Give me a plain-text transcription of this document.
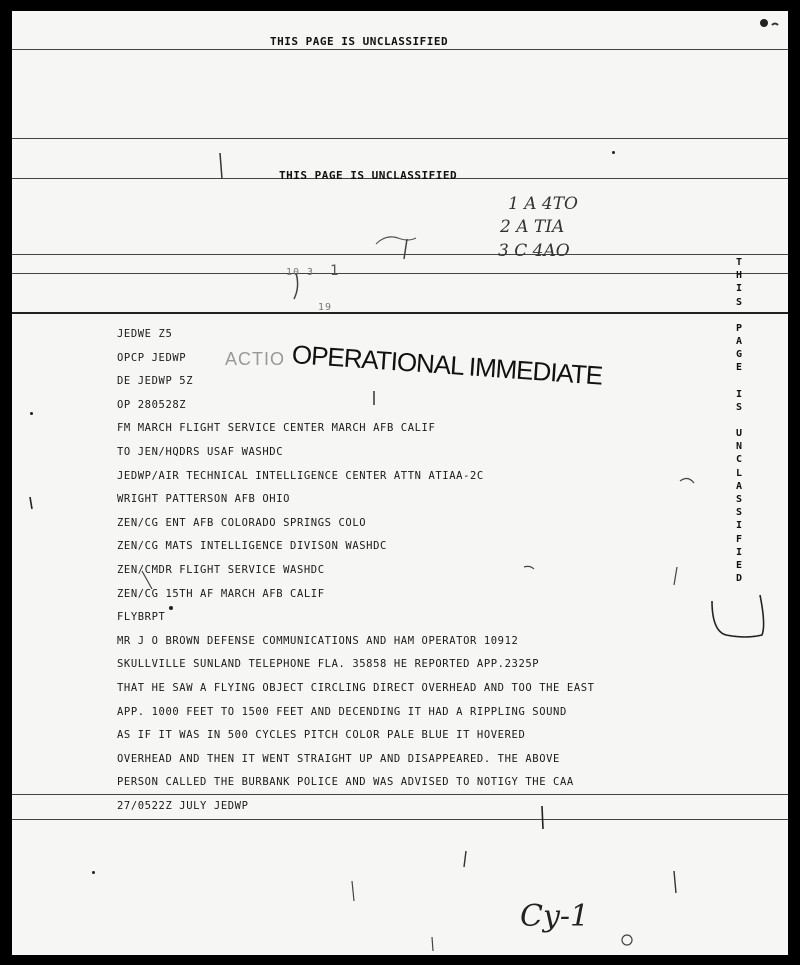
THIS PAGE IS UNCLASSIFIED
THIS PAGE IS UNCLASSIFIED
1 A 4TO
2 A TIA
3 C 4AO
10 3 1
19
ACTIO OPERATIONAL IMMEDIATE
JEDWE Z5
OPCP JEDWP
DE JEDWP 5Z
OP 280528Z
FM MARCH FLIGHT SERVICE CENTER MARCH AFB CALIF
TO JEN/HQDRS USAF WASHDC
JEDWP/AIR TECHNICAL INTELLIGENCE CENTER ATTN ATIAA-2C
WRIGHT PATTERSON AFB OHIO
ZEN/CG ENT AFB COLORADO SPRINGS COLO
ZEN/CG MATS INTELLIGENCE DIVISON WASHDC
ZEN/CMDR FLIGHT SERVICE WASHDC
ZEN/CG 15TH AF MARCH AFB CALIF
FLYBRPT
MR J O BROWN DEFENSE COMMUNICATIONS AND HAM OPERATOR 10912
SKULLVILLE SUNLAND TELEPHONE FLA. 35858 HE REPORTED APP.2325P
THAT HE SAW A FLYING OBJECT CIRCLING DIRECT OVERHEAD AND TOO THE EAST
APP. 1000 FEET TO 1500 FEET AND DECENDING IT HAD A RIPPLING SOUND
AS IF IT WAS IN 500 CYCLES PITCH COLOR PALE BLUE IT HOVERED
OVERHEAD AND THEN IT WENT STRAIGHT UP AND DISAPPEARED. THE ABOVE
PERSON CALLED THE BURBANK POLICE AND WAS ADVISED TO NOTIGY THE CAA
27/0522Z JULY JEDWP
T
H
I
S
P
A
G
E
I
S
U
N
C
L
A
S
S
I
F
I
E
D
Cy-1
